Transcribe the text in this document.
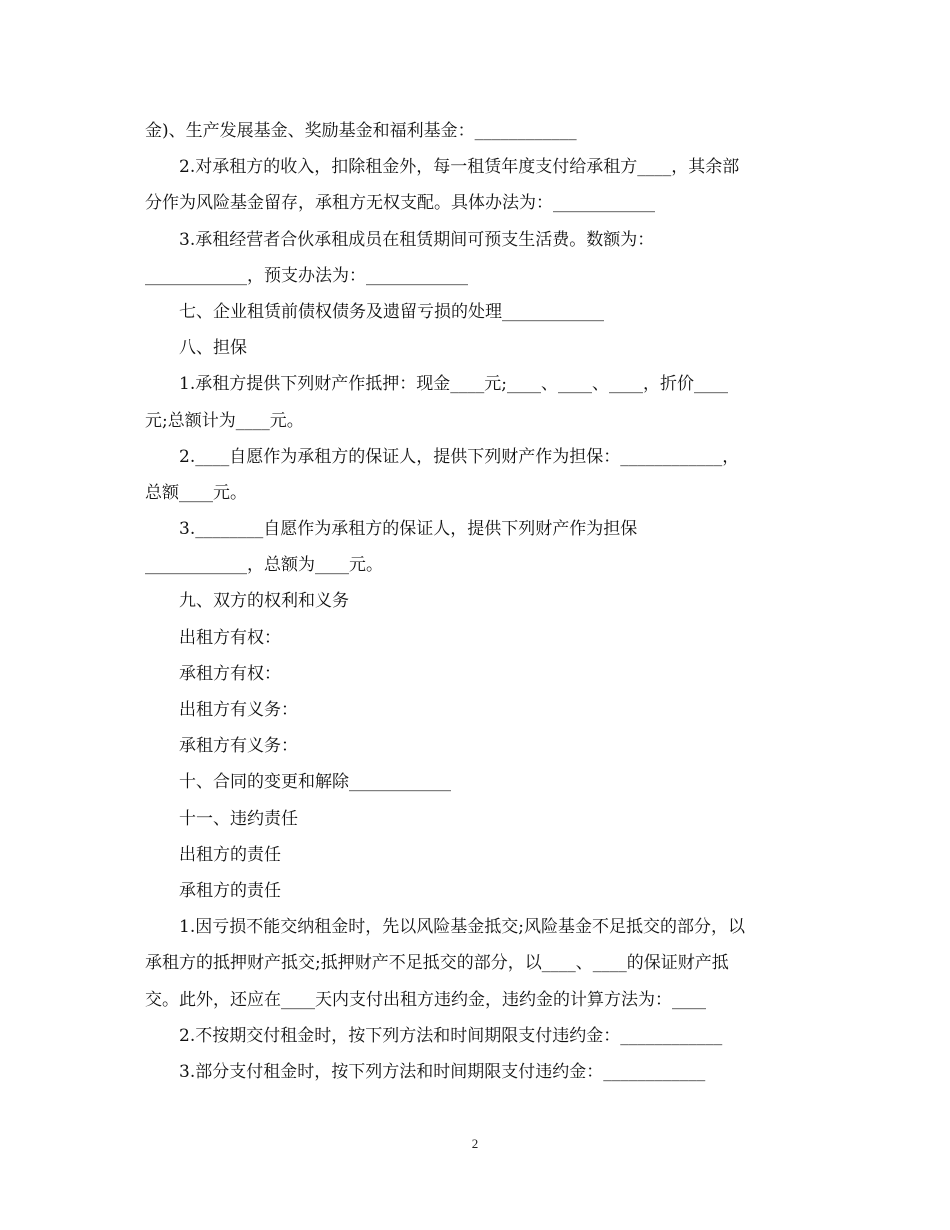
金)、生产发展基金、奖励基金和福利基金：____________
2.对承租方的收入，扣除租金外，每一租赁年度支付给承租方____，其余部
分作为风险基金留存，承租方无权支配。具体办法为：____________
3.承租经营者合伙承租成员在租赁期间可预支生活费。数额为：
____________，预支办法为：____________
七、企业租赁前债权债务及遗留亏损的处理____________
八、担保
1.承租方提供下列财产作抵押：现金____元;____、____、____，折价____
元;总额计为____元。
2.____自愿作为承租方的保证人，提供下列财产作为担保：____________，
总额____元。
3.________自愿作为承租方的保证人，提供下列财产作为担保
____________，总额为____元。
九、双方的权利和义务
出租方有权：
承租方有权：
出租方有义务：
承租方有义务：
十、合同的变更和解除____________
十一、违约责任
出租方的责任
承租方的责任
1.因亏损不能交纳租金时，先以风险基金抵交;风险基金不足抵交的部分，以
承租方的抵押财产抵交;抵押财产不足抵交的部分，以____、____的保证财产抵
交。此外，还应在____天内支付出租方违约金，违约金的计算方法为：____
2.不按期交付租金时，按下列方法和时间期限支付违约金：____________
3.部分支付租金时，按下列方法和时间期限支付违约金：____________
2
